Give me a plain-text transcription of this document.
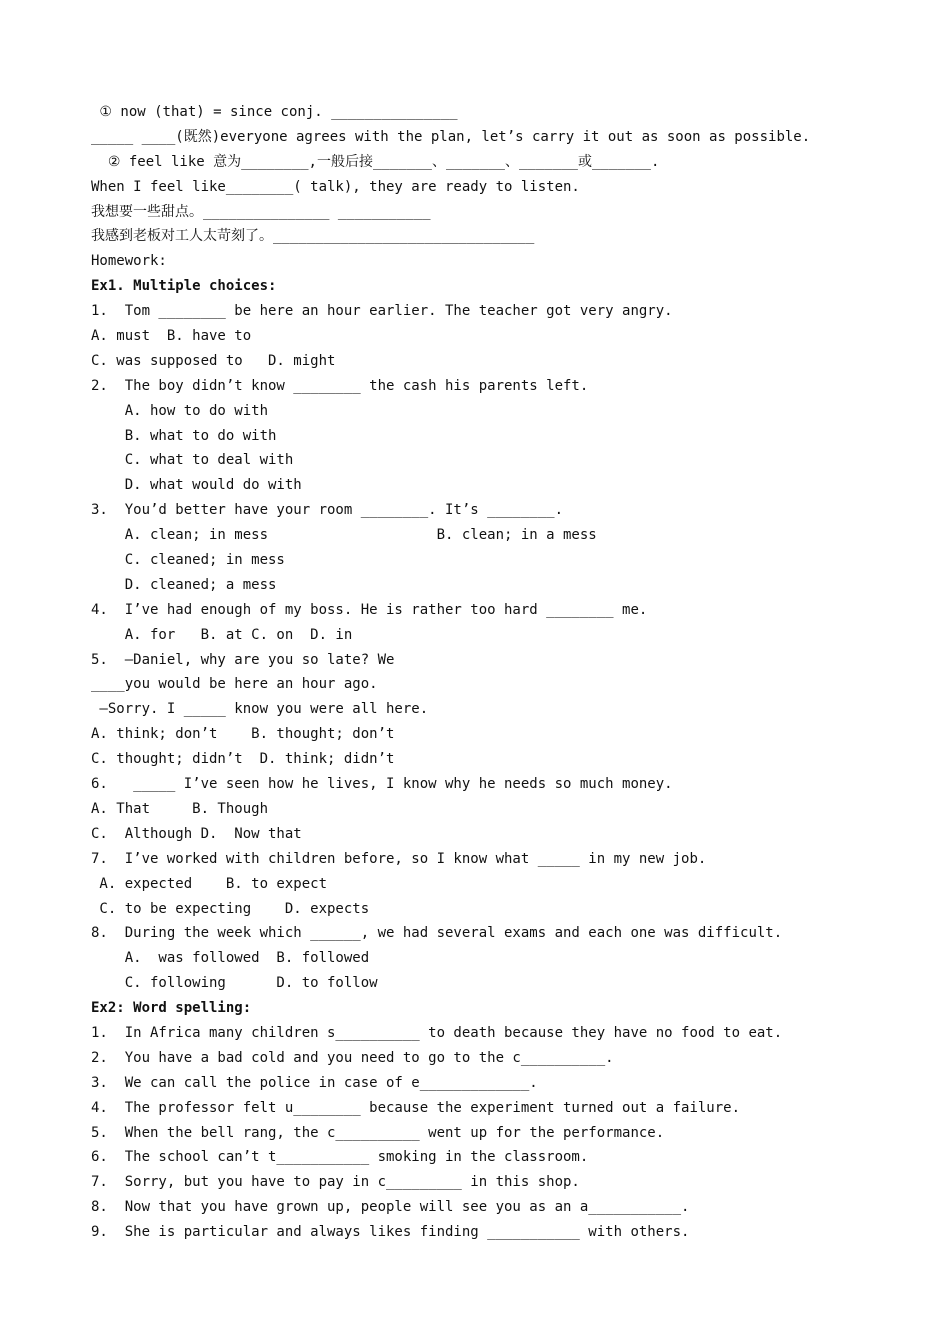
① now (that) = since conj. _______________
_____ ____(既然)everyone agrees with the plan, let’s carry it out as soon as possible.
② feel like 意为________,一般后接_______、_______、_______或_______.
When I feel like________( talk), they are ready to listen.
我想要一些甜点。_______________ ___________
我感到老板对工人太苛刻了。_______________________________
Homework:
Ex1. Multiple choices:
1.  Tom ________ be here an hour earlier. The teacher got very angry.
A. must  B. have to
C. was supposed to   D. might
2.  The boy didn’t know ________ the cash his parents left.
A. how to do with
B. what to do with
C. what to deal with
D. what would do with
3.  You’d better have your room ________. It’s ________.
A. clean; in mess                    B. clean; in a mess
C. cleaned; in mess
D. cleaned; a mess
4.  I’ve had enough of my boss. He is rather too hard ________ me.
A. for   B. at C. on  D. in
5.  –Daniel, why are you so late? We
____you would be here an hour ago.
–Sorry. I _____ know you were all here.
A. think; don’t    B. thought; don’t
C. thought; didn’t  D. think; didn’t
6.   _____ I’ve seen how he lives, I know why he needs so much money.
A. That     B. Though
C.  Although D.  Now that
7.  I’ve worked with children before, so I know what _____ in my new job.
A. expected    B. to expect
C. to be expecting    D. expects
8.  During the week which ______, we had several exams and each one was difficult.
A.  was followed  B. followed
C. following      D. to follow
Ex2: Word spelling:
1.  In Africa many children s__________ to death because they have no food to eat.
2.  You have a bad cold and you need to go to the c__________.
3.  We can call the police in case of e_____________.
4.  The professor felt u________ because the experiment turned out a failure.
5.  When the bell rang, the c__________ went up for the performance.
6.  The school can’t t___________ smoking in the classroom.
7.  Sorry, but you have to pay in c_________ in this shop.
8.  Now that you have grown up, people will see you as an a___________.
9.  She is particular and always likes finding ___________ with others.
